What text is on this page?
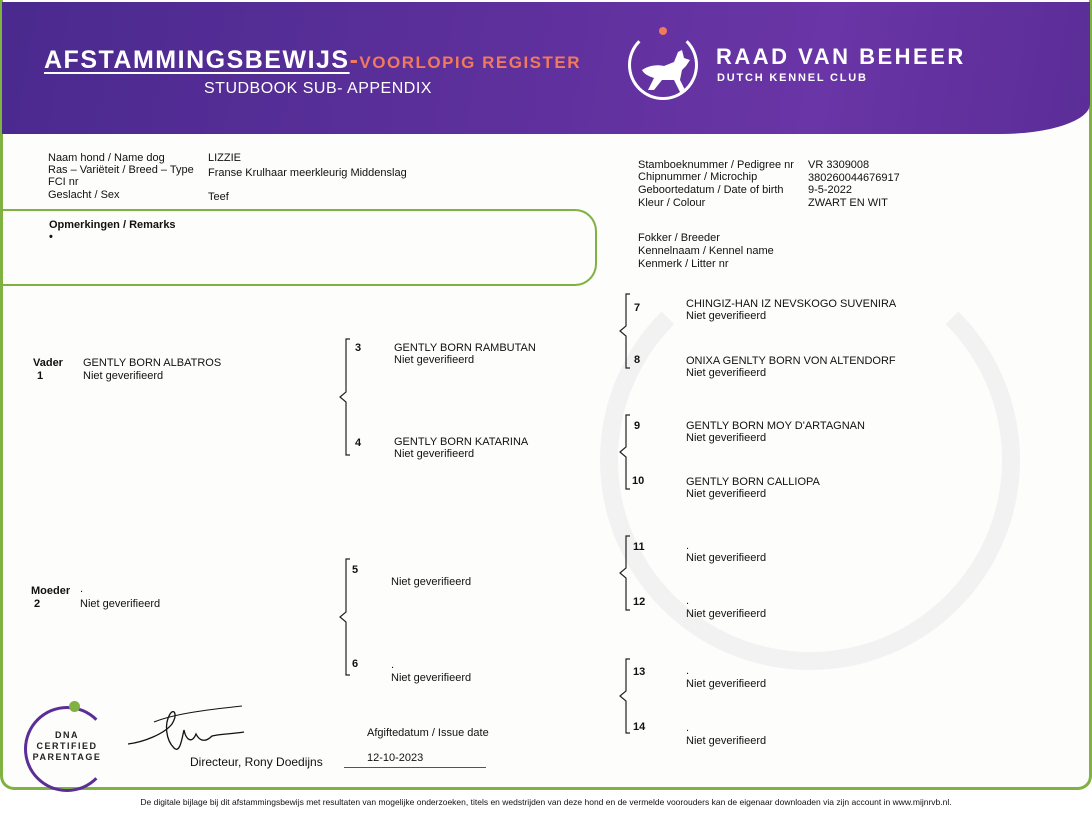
AFSTAMMINGSBEWIJS-VOORLOPIG REGISTER
STUDBOOK SUB- APPENDIX
RAAD VAN BEHEER
DUTCH KENNEL CLUB
Naam hond / Name dog	LIZZIE
Ras – Variëteit / Breed – Type Franse Krulhaar meerkleurig Middenslag
FCI nr
Geslacht / Sex	Teef
Stamboeknummer / Pedigree nr VR 3309008
Chipnummer / Microchip	380260044676917
Geboortedatum / Date of birth 9-5-2022
Kleur / Colour	ZWART EN WIT
Opmerkingen / Remarks
•	Fokker / Breeder
Kennelnaam / Kennel name
Kenmerk / Litter nr
Vader
1
GENTLY BORN ALBATROS
Niet geverifieerd
Moeder .
2	Niet geverifieerd
3	GENTLY BORN RAMBUTAN
Niet geverifieerd
4	GENTLY BORN KATARINA
Niet geverifieerd
5
Niet geverifieerd
6	.
Niet geverifieerd
7	CHINGIZ-HAN IZ NEVSKOGO SUVENIRA
Niet geverifieerd
8	ONIXA GENLTY BORN VON ALTENDORF
Niet geverifieerd
9	GENTLY BORN MOY D'ARTAGNAN
Niet geverifieerd
10	GENTLY BORN CALLIOPA
Niet geverifieerd
11	.
Niet geverifieerd
12	.
Niet geverifieerd
13	.
Niet geverifieerd
14	.
Niet geverifieerd
DNA
CERTIFIED
PARENTAGE	Directeur, Rony Doedijns
Afgiftedatum / Issue date
12-10-2023
De digitale bijlage bij dit afstammingsbewijs met resultaten van mogelijke onderzoeken, titels en wedstrijden van deze hond en de vermelde voorouders kan de eigenaar downloaden via zijn account in www.mijnrvb.nl.
